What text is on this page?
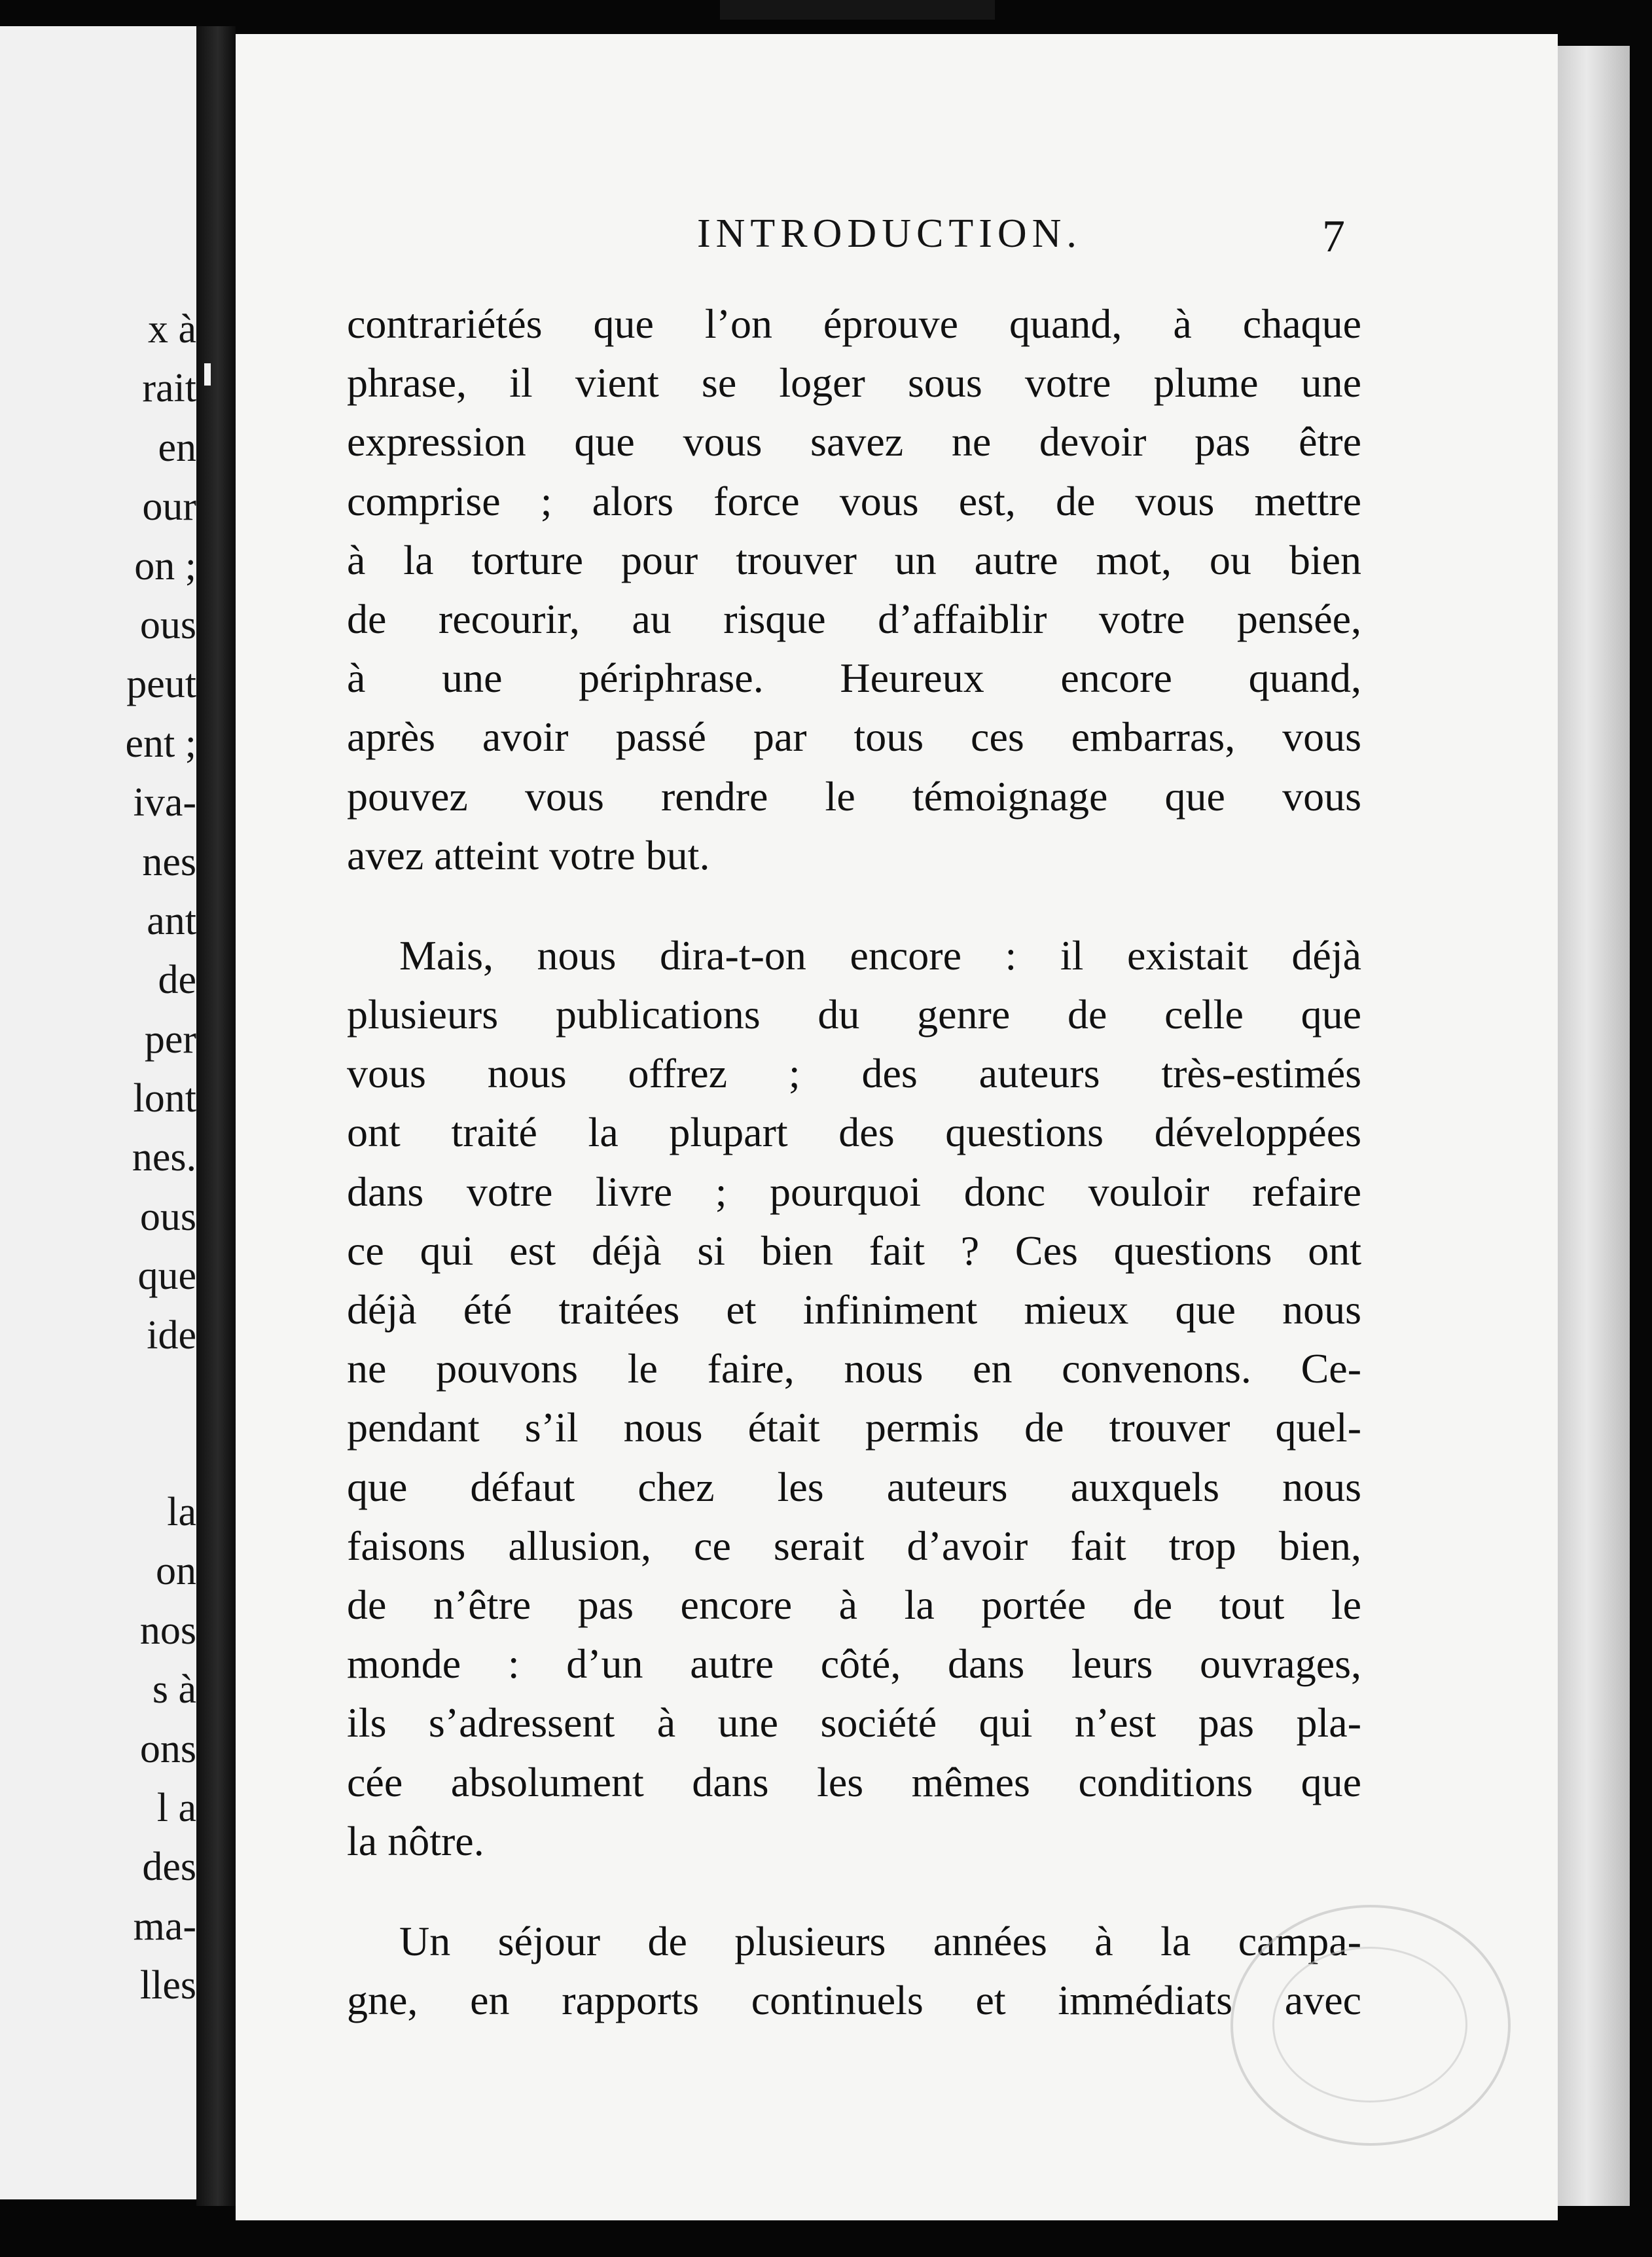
x à
rait
en
our
on ;
ous
peut
ent ;
iva-
nes
ant
de
per
lont
nes.
ous
que
ide
la
on
nos
s à
ons
l a
des
ma-
lles
INTRODUCTION.	7
contrariétés que l’on éprouve quand, à chaque
phrase, il vient se loger sous votre plume une
expression que vous savez ne devoir pas être
comprise ; alors force vous est, de vous mettre
à la torture pour trouver un autre mot, ou bien
de recourir, au risque d’affaiblir votre pensée,
à une périphrase. Heureux encore quand,
après avoir passé par tous ces embarras, vous
pouvez vous rendre le témoignage que vous
avez atteint votre but.
Mais, nous dira-t-on encore : il existait déjà
plusieurs publications du genre de celle que
vous nous offrez ; des auteurs très-estimés
ont traité la plupart des questions développées
dans votre livre ; pourquoi donc vouloir refaire
ce qui est déjà si bien fait ? Ces questions ont
déjà été traitées et infiniment mieux que nous
ne pouvons le faire, nous en convenons. Ce-
pendant s’il nous était permis de trouver quel-
que défaut chez les auteurs auxquels nous
faisons allusion, ce serait d’avoir fait trop bien,
de n’être pas encore à la portée de tout le
monde : d’un autre côté, dans leurs ouvrages,
ils s’adressent à une société qui n’est pas pla-
cée absolument dans les mêmes conditions que
la nôtre.
Un séjour de plusieurs années à la campa-
gne, en rapports continuels et immédiats avec
